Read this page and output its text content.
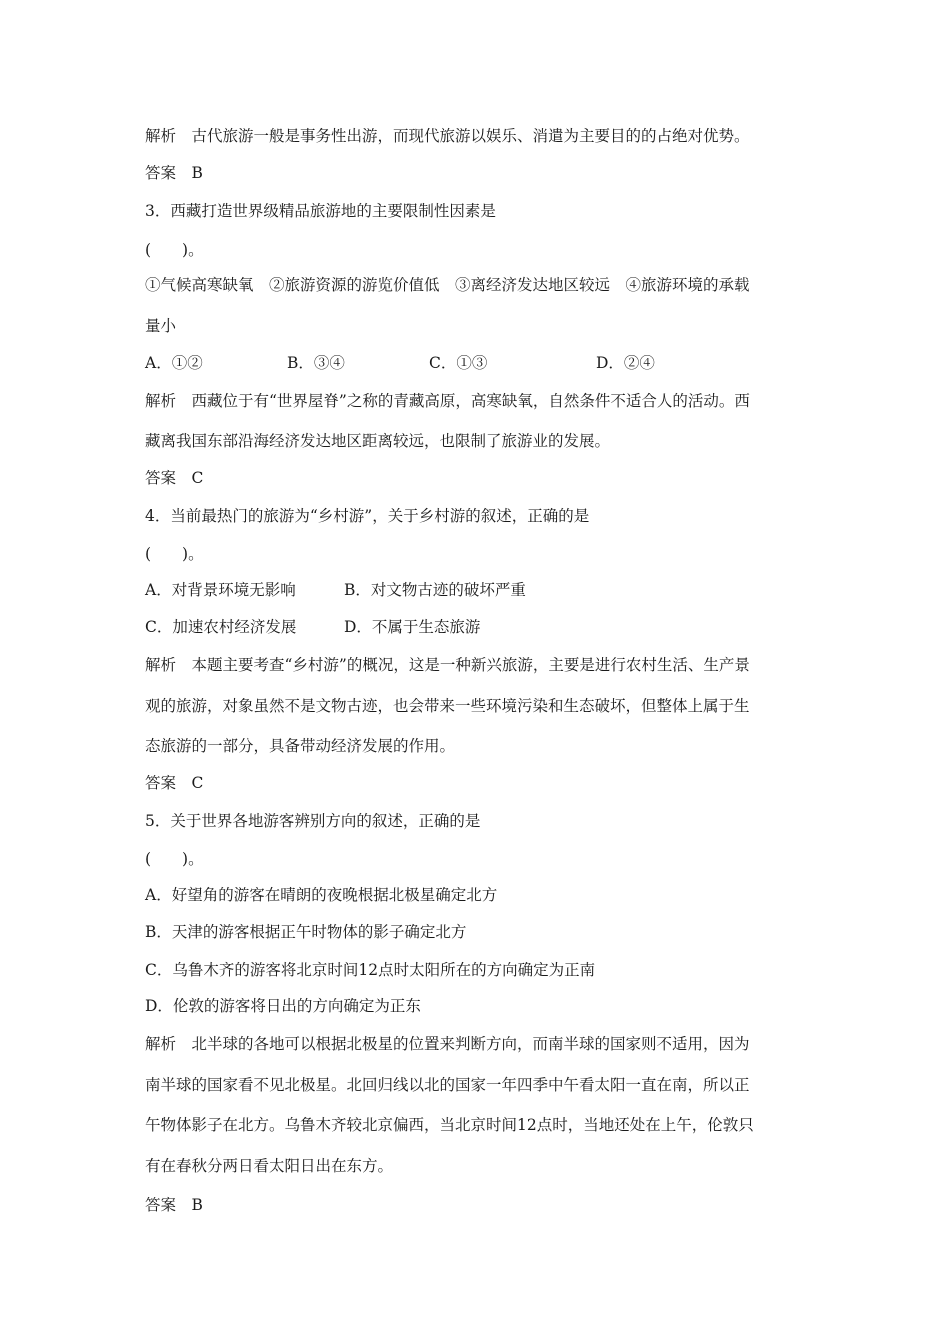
解析　古代旅游一般是事务性出游，而现代旅游以娱乐、消遣为主要目的的占绝对优势。
答案　B
3．西藏打造世界级精品旅游地的主要限制性因素是
(　　)。
①气候高寒缺氧　②旅游资源的游览价值低　③离经济发达地区较远　④旅游环境的承载
量小
A．①②	B．③④	C．①③	D．②④
解析　西藏位于有“世界屋脊”之称的青藏高原，高寒缺氧，自然条件不适合人的活动。西
藏离我国东部沿海经济发达地区距离较远，也限制了旅游业的发展。
答案　C
4．当前最热门的旅游为“乡村游”，关于乡村游的叙述，正确的是
(　　)。
A．对背景环境无影响	B．对文物古迹的破坏严重
C．加速农村经济发展	D．不属于生态旅游
解析　本题主要考查“乡村游”的概况，这是一种新兴旅游，主要是进行农村生活、生产景
观的旅游，对象虽然不是文物古迹，也会带来一些环境污染和生态破坏，但整体上属于生
态旅游的一部分，具备带动经济发展的作用。
答案　C
5．关于世界各地游客辨别方向的叙述，正确的是
(　　)。
A．好望角的游客在晴朗的夜晚根据北极星确定北方
B．天津的游客根据正午时物体的影子确定北方
C．乌鲁木齐的游客将北京时间12点时太阳所在的方向确定为正南
D．伦敦的游客将日出的方向确定为正东
解析　北半球的各地可以根据北极星的位置来判断方向，而南半球的国家则不适用，因为
南半球的国家看不见北极星。北回归线以北的国家一年四季中午看太阳一直在南，所以正
午物体影子在北方。乌鲁木齐较北京偏西，当北京时间12点时，当地还处在上午，伦敦只
有在春秋分两日看太阳日出在东方。
答案　B
